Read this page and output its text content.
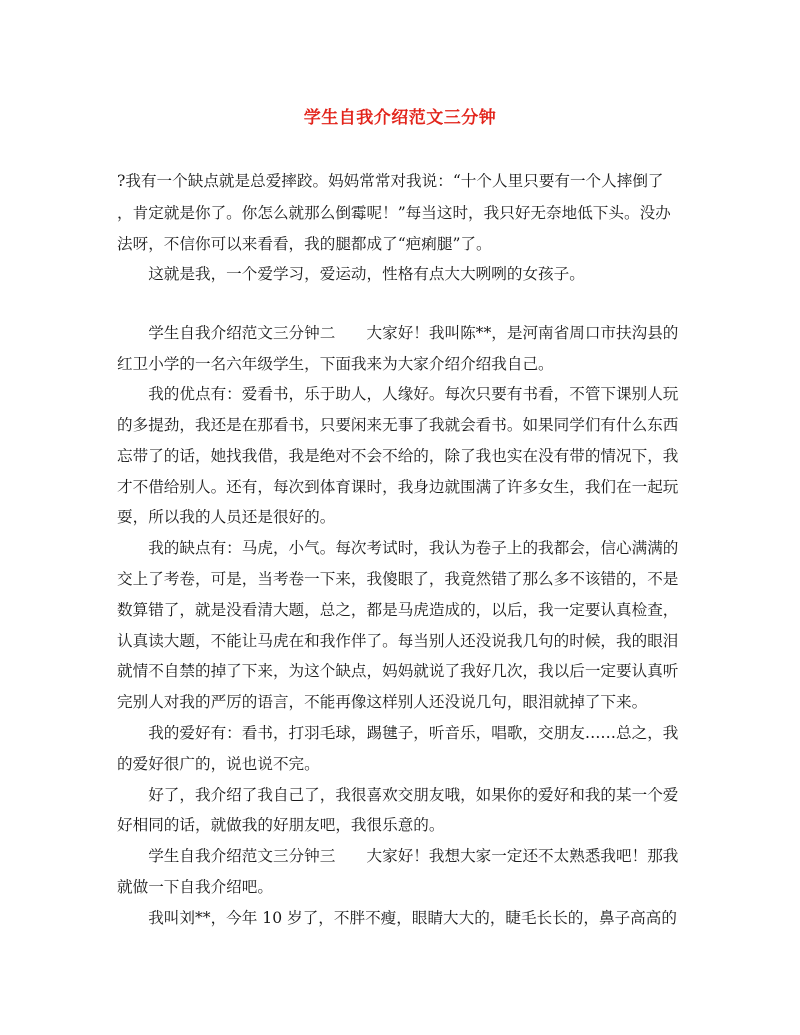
学生自我介绍范文三分钟
?我有一个缺点就是总爱摔跤。妈妈常常对我说：“十个人里只要有一个人摔倒了
，肯定就是你了。你怎么就那么倒霉呢！”每当这时，我只好无奈地低下头。没办
法呀，不信你可以来看看，我的腿都成了“疤痢腿”了。
　　这就是我，一个爱学习，爱运动，性格有点大大咧咧的女孩子。
　　学生自我介绍范文三分钟二　　大家好！我叫陈**，是河南省周口市扶沟县的
红卫小学的一名六年级学生，下面我来为大家介绍介绍我自己。
　　我的优点有：爱看书，乐于助人，人缘好。每次只要有书看，不管下课别人玩
的多提劲，我还是在那看书，只要闲来无事了我就会看书。如果同学们有什么东西
忘带了的话，她找我借，我是绝对不会不给的，除了我也实在没有带的情况下，我
才不借给别人。还有，每次到体育课时，我身边就围满了许多女生，我们在一起玩
耍，所以我的人员还是很好的。
　　我的缺点有：马虎，小气。每次考试时，我认为卷子上的我都会，信心满满的
交上了考卷，可是，当考卷一下来，我傻眼了，我竟然错了那么多不该错的，不是
数算错了，就是没看清大题，总之，都是马虎造成的，以后，我一定要认真检查，
认真读大题，不能让马虎在和我作伴了。每当别人还没说我几句的时候，我的眼泪
就情不自禁的掉了下来，为这个缺点，妈妈就说了我好几次，我以后一定要认真听
完别人对我的严厉的语言，不能再像这样别人还没说几句，眼泪就掉了下来。
　　我的爱好有：看书，打羽毛球，踢毽子，听音乐，唱歌，交朋友……总之，我
的爱好很广的，说也说不完。
　　好了，我介绍了我自己了，我很喜欢交朋友哦，如果你的爱好和我的某一个爱
好相同的话，就做我的好朋友吧，我很乐意的。
　　学生自我介绍范文三分钟三　　大家好！我想大家一定还不太熟悉我吧！那我
就做一下自我介绍吧。
　　我叫刘**，今年 10 岁了，不胖不瘦，眼睛大大的，睫毛长长的，鼻子高高的
